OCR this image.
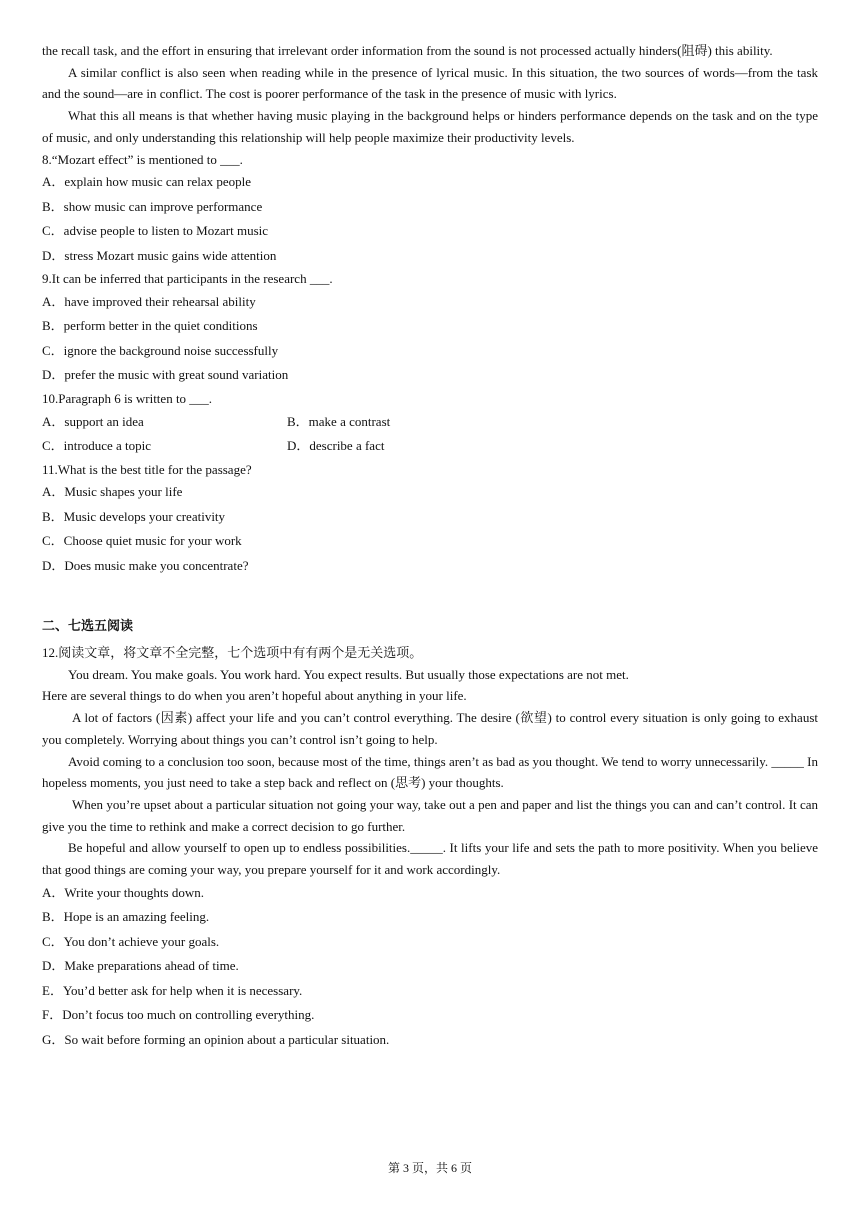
the recall task, and the effort in ensuring that irrelevant order information from the sound is not processed actually hinders(阻碍) this ability.

A similar conflict is also seen when reading while in the presence of lyrical music. In this situation, the two sources of words—from the task and the sound—are in conflict. The cost is poorer performance of the task in the presence of music with lyrics.

What this all means is that whether having music playing in the background helps or hinders performance depends on the task and on the type of music, and only understanding this relationship will help people maximize their productivity levels.

8.“Mozart effect” is mentioned to ___.

A．explain how music can relax people

B．show music can improve performance

C．advise people to listen to Mozart music

D．stress Mozart music gains wide attention

9.It can be inferred that participants in the research ___.

A．have improved their rehearsal ability

B．perform better in the quiet conditions

C．ignore the background noise successfully

D．prefer the music with great sound variation

10.Paragraph 6 is written to ___.

A．support an idea	B．make a contrast
C．introduce a topic	D．describe a fact

11.What is the best title for the passage?

A．Music shapes your life

B．Music develops your creativity

C．Choose quiet music for your work

D．Does music make you concentrate?

二、七选五阅读

12.阅读文章，将文章不全完整，七个选项中有有两个是无关选项。

You dream. You make goals. You work hard. You expect results. But usually those expectations are not met.

Here are several things to do when you aren’t hopeful about anything in your life.

A lot of factors (因素) affect your life and you can’t control everything. The desire (欲望) to control every situation is only going to exhaust you completely. Worrying about things you can’t control isn’t going to help.

Avoid coming to a conclusion too soon, because most of the time, things aren’t as bad as you thought. We tend to worry unnecessarily. _____ In hopeless moments, you just need to take a step back and reflect on (思考) your thoughts.

When you’re upset about a particular situation not going your way, take out a pen and paper and list the things you can and can’t control. It can give you the time to rethink and make a correct decision to go further.

Be hopeful and allow yourself to open up to endless possibilities._____. It lifts your life and sets the path to more positivity. When you believe that good things are coming your way, you prepare yourself for it and work accordingly.

A．Write your thoughts down.

B．Hope is an amazing feeling.

C．You don’t achieve your goals.

D．Make preparations ahead of time.

E．You’d better ask for help when it is necessary.

F．Don’t focus too much on controlling everything.

G．So wait before forming an opinion about a particular situation.

第 3 页，共 6 页
